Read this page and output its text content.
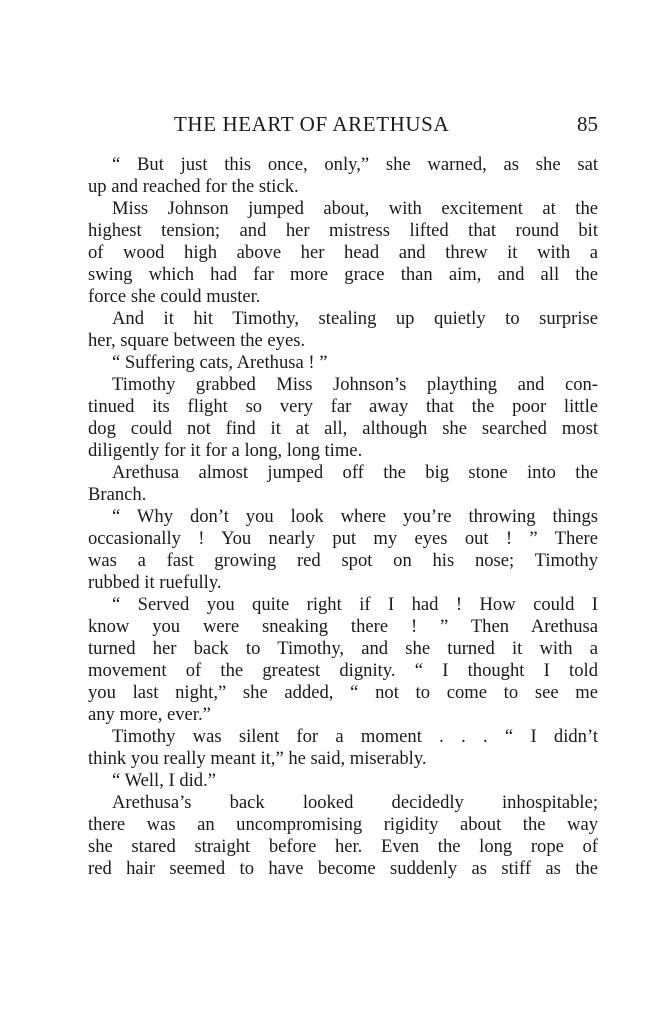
THE HEART OF ARETHUSA	85
“ But just this once, only,” she warned, as she sat
up and reached for the stick.
Miss Johnson jumped about, with excitement at the
highest tension; and her mistress lifted that round bit
of wood high above her head and threw it with a
swing which had far more grace than aim, and all the
force she could muster.
And it hit Timothy, stealing up quietly to surprise
her, square between the eyes.
“ Suffering cats, Arethusa ! ”
Timothy grabbed Miss Johnson’s plaything and con-
tinued its flight so very far away that the poor little
dog could not find it at all, although she searched most
diligently for it for a long, long time.
Arethusa almost jumped off the big stone into the
Branch.
“ Why don’t you look where you’re throwing things
occasionally ! You nearly put my eyes out ! ” There
was a fast growing red spot on his nose; Timothy
rubbed it ruefully.
“ Served you quite right if I had ! How could I
know you were sneaking there ! ” Then Arethusa
turned her back to Timothy, and she turned it with a
movement of the greatest dignity. “ I thought I told
you last night,” she added, “ not to come to see me
any more, ever.”
Timothy was silent for a moment . . . “ I didn’t
think you really meant it,” he said, miserably.
“ Well, I did.”
Arethusa’s back looked decidedly inhospitable;
there was an uncompromising rigidity about the way
she stared straight before her. Even the long rope of
red hair seemed to have become suddenly as stiff as the
